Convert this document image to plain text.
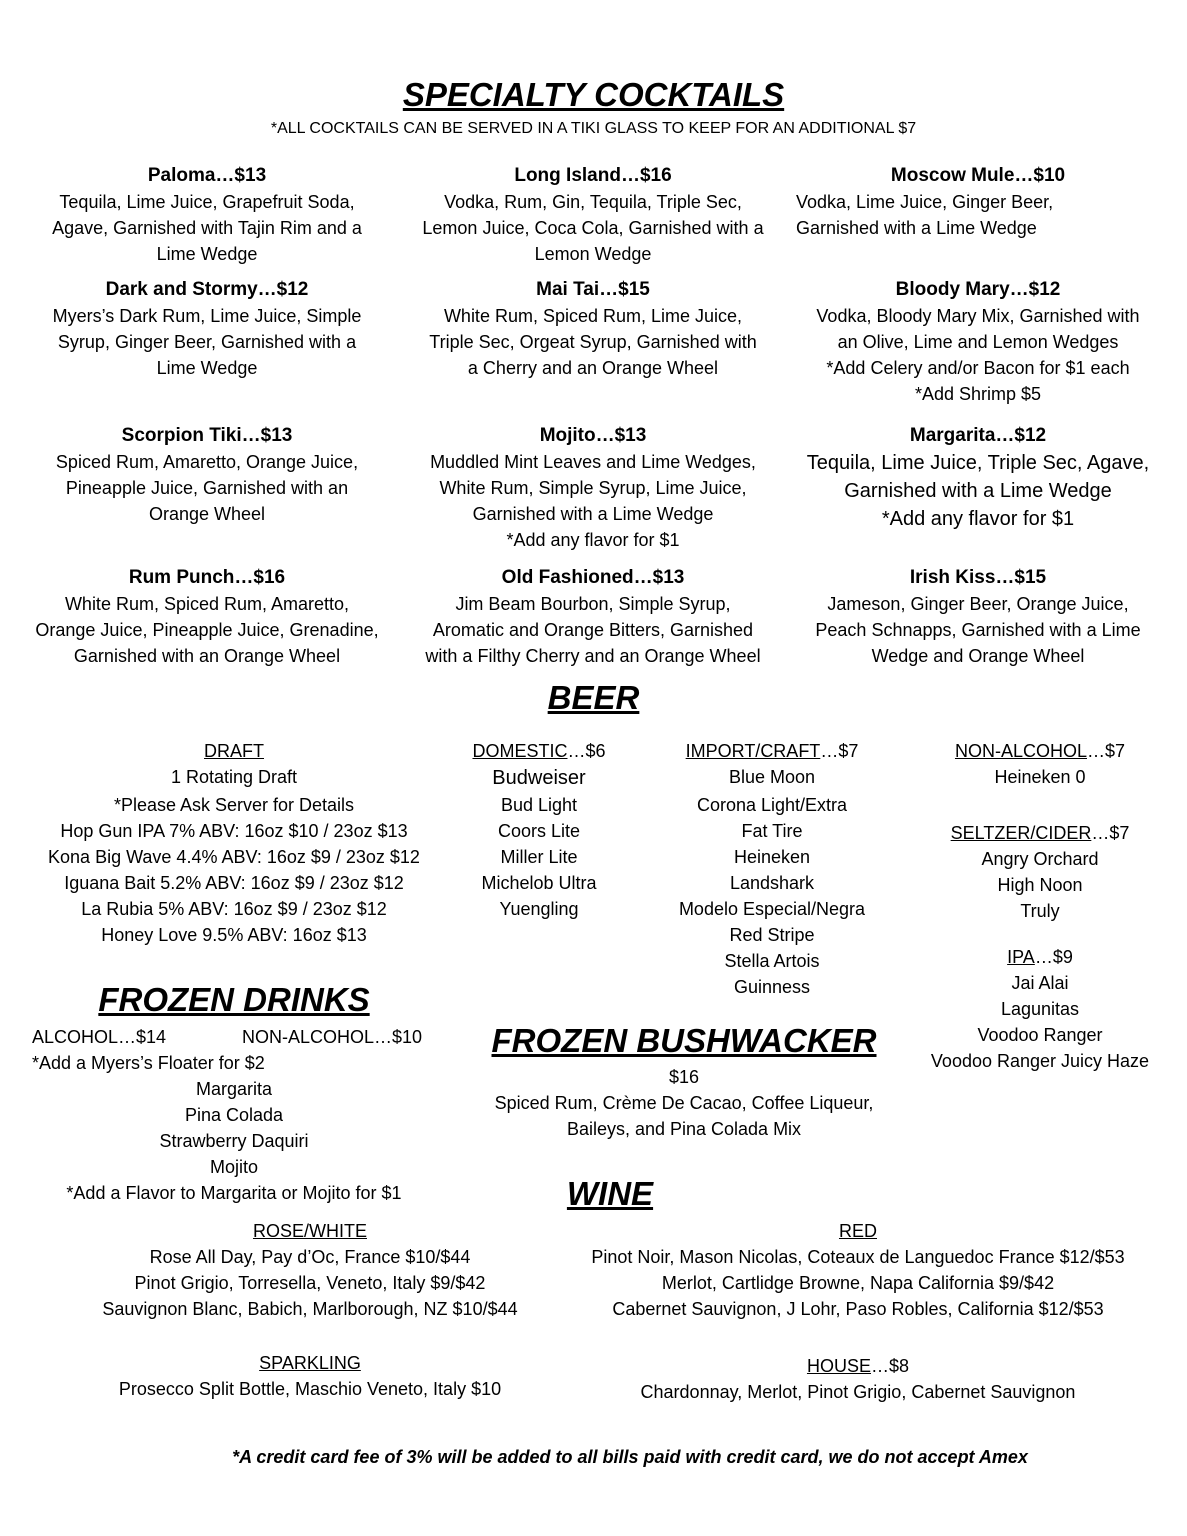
SPECIALTY COCKTAILS
*ALL COCKTAILS CAN BE SERVED IN A TIKI GLASS TO KEEP FOR AN ADDITIONAL $7
Paloma…$13
Tequila, Lime Juice, Grapefruit Soda,
Agave, Garnished with Tajin Rim and a
Lime Wedge
Dark and Stormy…$12
Myers’s Dark Rum, Lime Juice, Simple
Syrup, Ginger Beer, Garnished with a
Lime Wedge
Scorpion Tiki…$13
Spiced Rum, Amaretto, Orange Juice,
Pineapple Juice, Garnished with an
Orange Wheel
Rum Punch…$16
White Rum, Spiced Rum, Amaretto,
Orange Juice, Pineapple Juice, Grenadine,
Garnished with an Orange Wheel
Long Island…$16
Vodka, Rum, Gin, Tequila, Triple Sec,
Lemon Juice, Coca Cola, Garnished with a
Lemon Wedge
Mai Tai…$15
White Rum, Spiced Rum, Lime Juice,
Triple Sec, Orgeat Syrup, Garnished with
a Cherry and an Orange Wheel
Mojito…$13
Muddled Mint Leaves and Lime Wedges,
White Rum, Simple Syrup, Lime Juice,
Garnished with a Lime Wedge
*Add any flavor for $1
Old Fashioned…$13
Jim Beam Bourbon, Simple Syrup,
Aromatic and Orange Bitters, Garnished
with a Filthy Cherry and an Orange Wheel
Moscow Mule…$10
Vodka, Lime Juice, Ginger Beer,
Garnished with a Lime Wedge
Bloody Mary…$12
Vodka, Bloody Mary Mix, Garnished with
an Olive, Lime and Lemon Wedges
*Add Celery and/or Bacon for $1 each
*Add Shrimp $5
Margarita…$12
Tequila, Lime Juice, Triple Sec, Agave,
Garnished with a Lime Wedge
*Add any flavor for $1
Irish Kiss…$15
Jameson, Ginger Beer, Orange Juice,
Peach Schnapps, Garnished with a Lime
Wedge and Orange Wheel
BEER
DRAFT
1 Rotating Draft
*Please Ask Server for Details
Hop Gun IPA 7% ABV: 16oz $10 / 23oz $13
Kona Big Wave 4.4% ABV: 16oz $9 / 23oz $12
Iguana Bait 5.2% ABV: 16oz $9 / 23oz $12
La Rubia 5% ABV: 16oz $9 / 23oz $12
Honey Love 9.5% ABV: 16oz $13
DOMESTIC…$6
Budweiser
Bud Light
Coors Lite
Miller Lite
Michelob Ultra
Yuengling
IMPORT/CRAFT…$7
Blue Moon
Corona Light/Extra
Fat Tire
Heineken
Landshark
Modelo Especial/Negra
Red Stripe
Stella Artois
Guinness
NON-ALCOHOL…$7
Heineken 0
SELTZER/CIDER…$7
Angry Orchard
High Noon
Truly
IPA…$9
Jai Alai
Lagunitas
Voodoo Ranger
Voodoo Ranger Juicy Haze
FROZEN DRINKS
ALCOHOL…$14	NON-ALCOHOL…$10
*Add a Myers’s Floater for $2
Margarita
Pina Colada
Strawberry Daquiri
Mojito
*Add a Flavor to Margarita or Mojito for $1
FROZEN BUSHWACKER
$16
Spiced Rum, Crème De Cacao, Coffee Liqueur,
Baileys, and Pina Colada Mix
WINE
ROSE/WHITE
Rose All Day, Pay d’Oc, France $10/$44
Pinot Grigio, Torresella, Veneto, Italy $9/$42
Sauvignon Blanc, Babich, Marlborough, NZ $10/$44
RED
Pinot Noir, Mason Nicolas, Coteaux de Languedoc France $12/$53
Merlot, Cartlidge Browne, Napa California $9/$42
Cabernet Sauvignon, J Lohr, Paso Robles, California $12/$53
SPARKLING
Prosecco Split Bottle, Maschio Veneto, Italy $10
HOUSE…$8
Chardonnay, Merlot, Pinot Grigio, Cabernet Sauvignon
*A credit card fee of 3% will be added to all bills paid with credit card, we do not accept Amex
